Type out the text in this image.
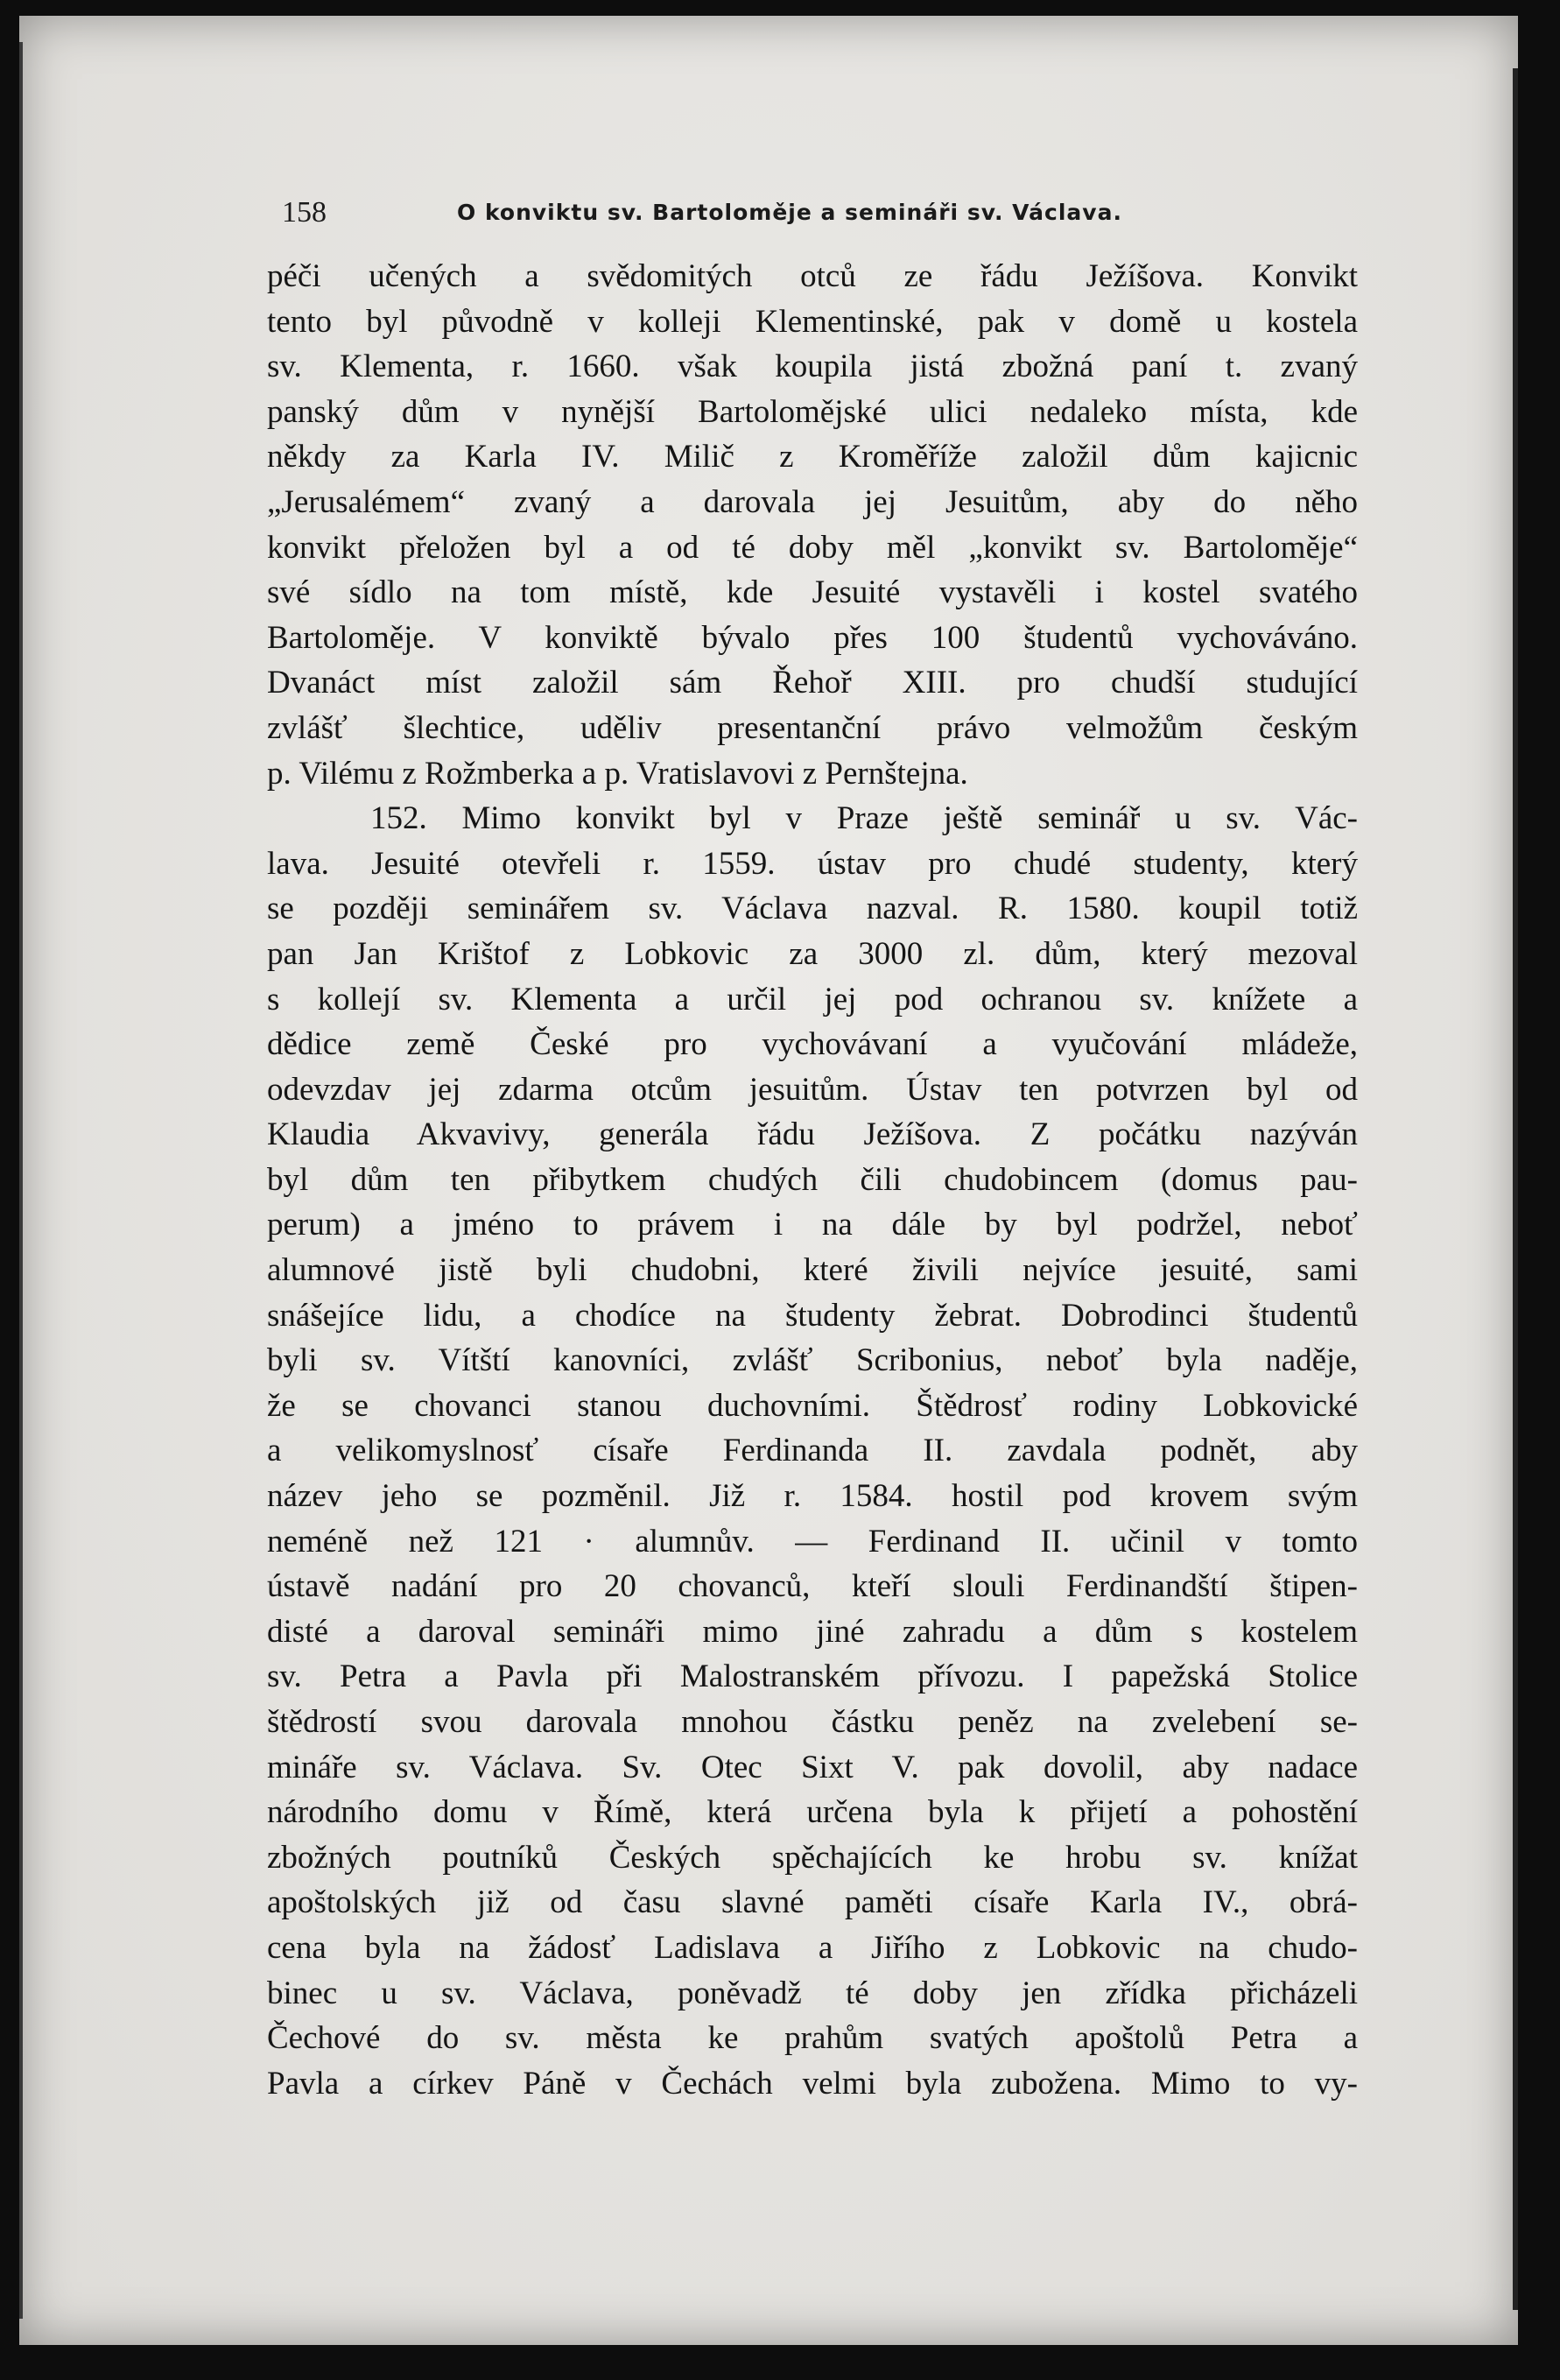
158	O konviktu sv. Bartoloměje a semináři sv. Václava.
péči učených a svědomitých otců ze řádu Ježíšova. Konvikt
tento byl původně v kolleji Klementinské, pak v domě u kostela
sv. Klementa, r. 1660. však koupila jistá zbožná paní t. zvaný
panský dům v nynější Bartolomějské ulici nedaleko místa, kde
někdy za Karla IV. Milič z Kroměříže založil dům kajicnic
„Jerusalémem“ zvaný a darovala jej Jesuitům, aby do něho
konvikt přeložen byl a od té doby měl „konvikt sv. Bartoloměje“
své sídlo na tom místě, kde Jesuité vystavěli i kostel svatého
Bartoloměje. V konviktě bývalo přes 100 študentů vychováváno.
Dvanáct míst založil sám Řehoř XIII. pro chudší studující
zvlášť šlechtice, uděliv presentanční právo velmožům českým
p. Vilému z Rožmberka a p. Vratislavovi z Pernštejna.
152. Mimo konvikt byl v Praze ještě seminář u sv. Vác-
lava. Jesuité otevřeli r. 1559. ústav pro chudé studenty, který
se později seminářem sv. Václava nazval. R. 1580. koupil totiž
pan Jan Krištof z Lobkovic za 3000 zl. dům, který mezoval
s kollejí sv. Klementa a určil jej pod ochranou sv. knížete a
dědice země České pro vychovávaní a vyučování mládeže,
odevzdav jej zdarma otcům jesuitům. Ústav ten potvrzen byl od
Klaudia Akvavivy, generála řádu Ježíšova. Z počátku nazýván
byl dům ten přibytkem chudých čili chudobincem (domus pau-
perum) a jméno to právem i na dále by byl podržel, neboť
alumnové jistě byli chudobni, které živili nejvíce jesuité, sami
snášejíce lidu, a chodíce na študenty žebrat. Dobrodinci študentů
byli sv. Vítští kanovníci, zvlášť Scribonius, neboť byla naděje,
že se chovanci stanou duchovními. Štědrosť rodiny Lobkovické
a velikomyslnosť císaře Ferdinanda II. zavdala podnět, aby
název jeho se pozměnil. Již r. 1584. hostil pod krovem svým
neméně než 121 · alumnův. — Ferdinand II. učinil v tomto
ústavě nadání pro 20 chovanců, kteří slouli Ferdinandští štipen-
disté a daroval semináři mimo jiné zahradu a dům s kostelem
sv. Petra a Pavla při Malostranském přívozu. I papežská Stolice
štědrostí svou darovala mnohou částku peněz na zvelebení se-
mináře sv. Václava. Sv. Otec Sixt V. pak dovolil, aby nadace
národního domu v Římě, která určena byla k přijetí a pohostění
zbožných poutníků Českých spěchajících ke hrobu sv. knížat
apoštolských již od času slavné paměti císaře Karla IV., obrá-
cena byla na žádosť Ladislava a Jiřího z Lobkovic na chudo-
binec u sv. Václava, poněvadž té doby jen zřídka přicházeli
Čechové do sv. města ke prahům svatých apoštolů Petra a
Pavla a církev Páně v Čechách velmi byla zubožena. Mimo to vy-
